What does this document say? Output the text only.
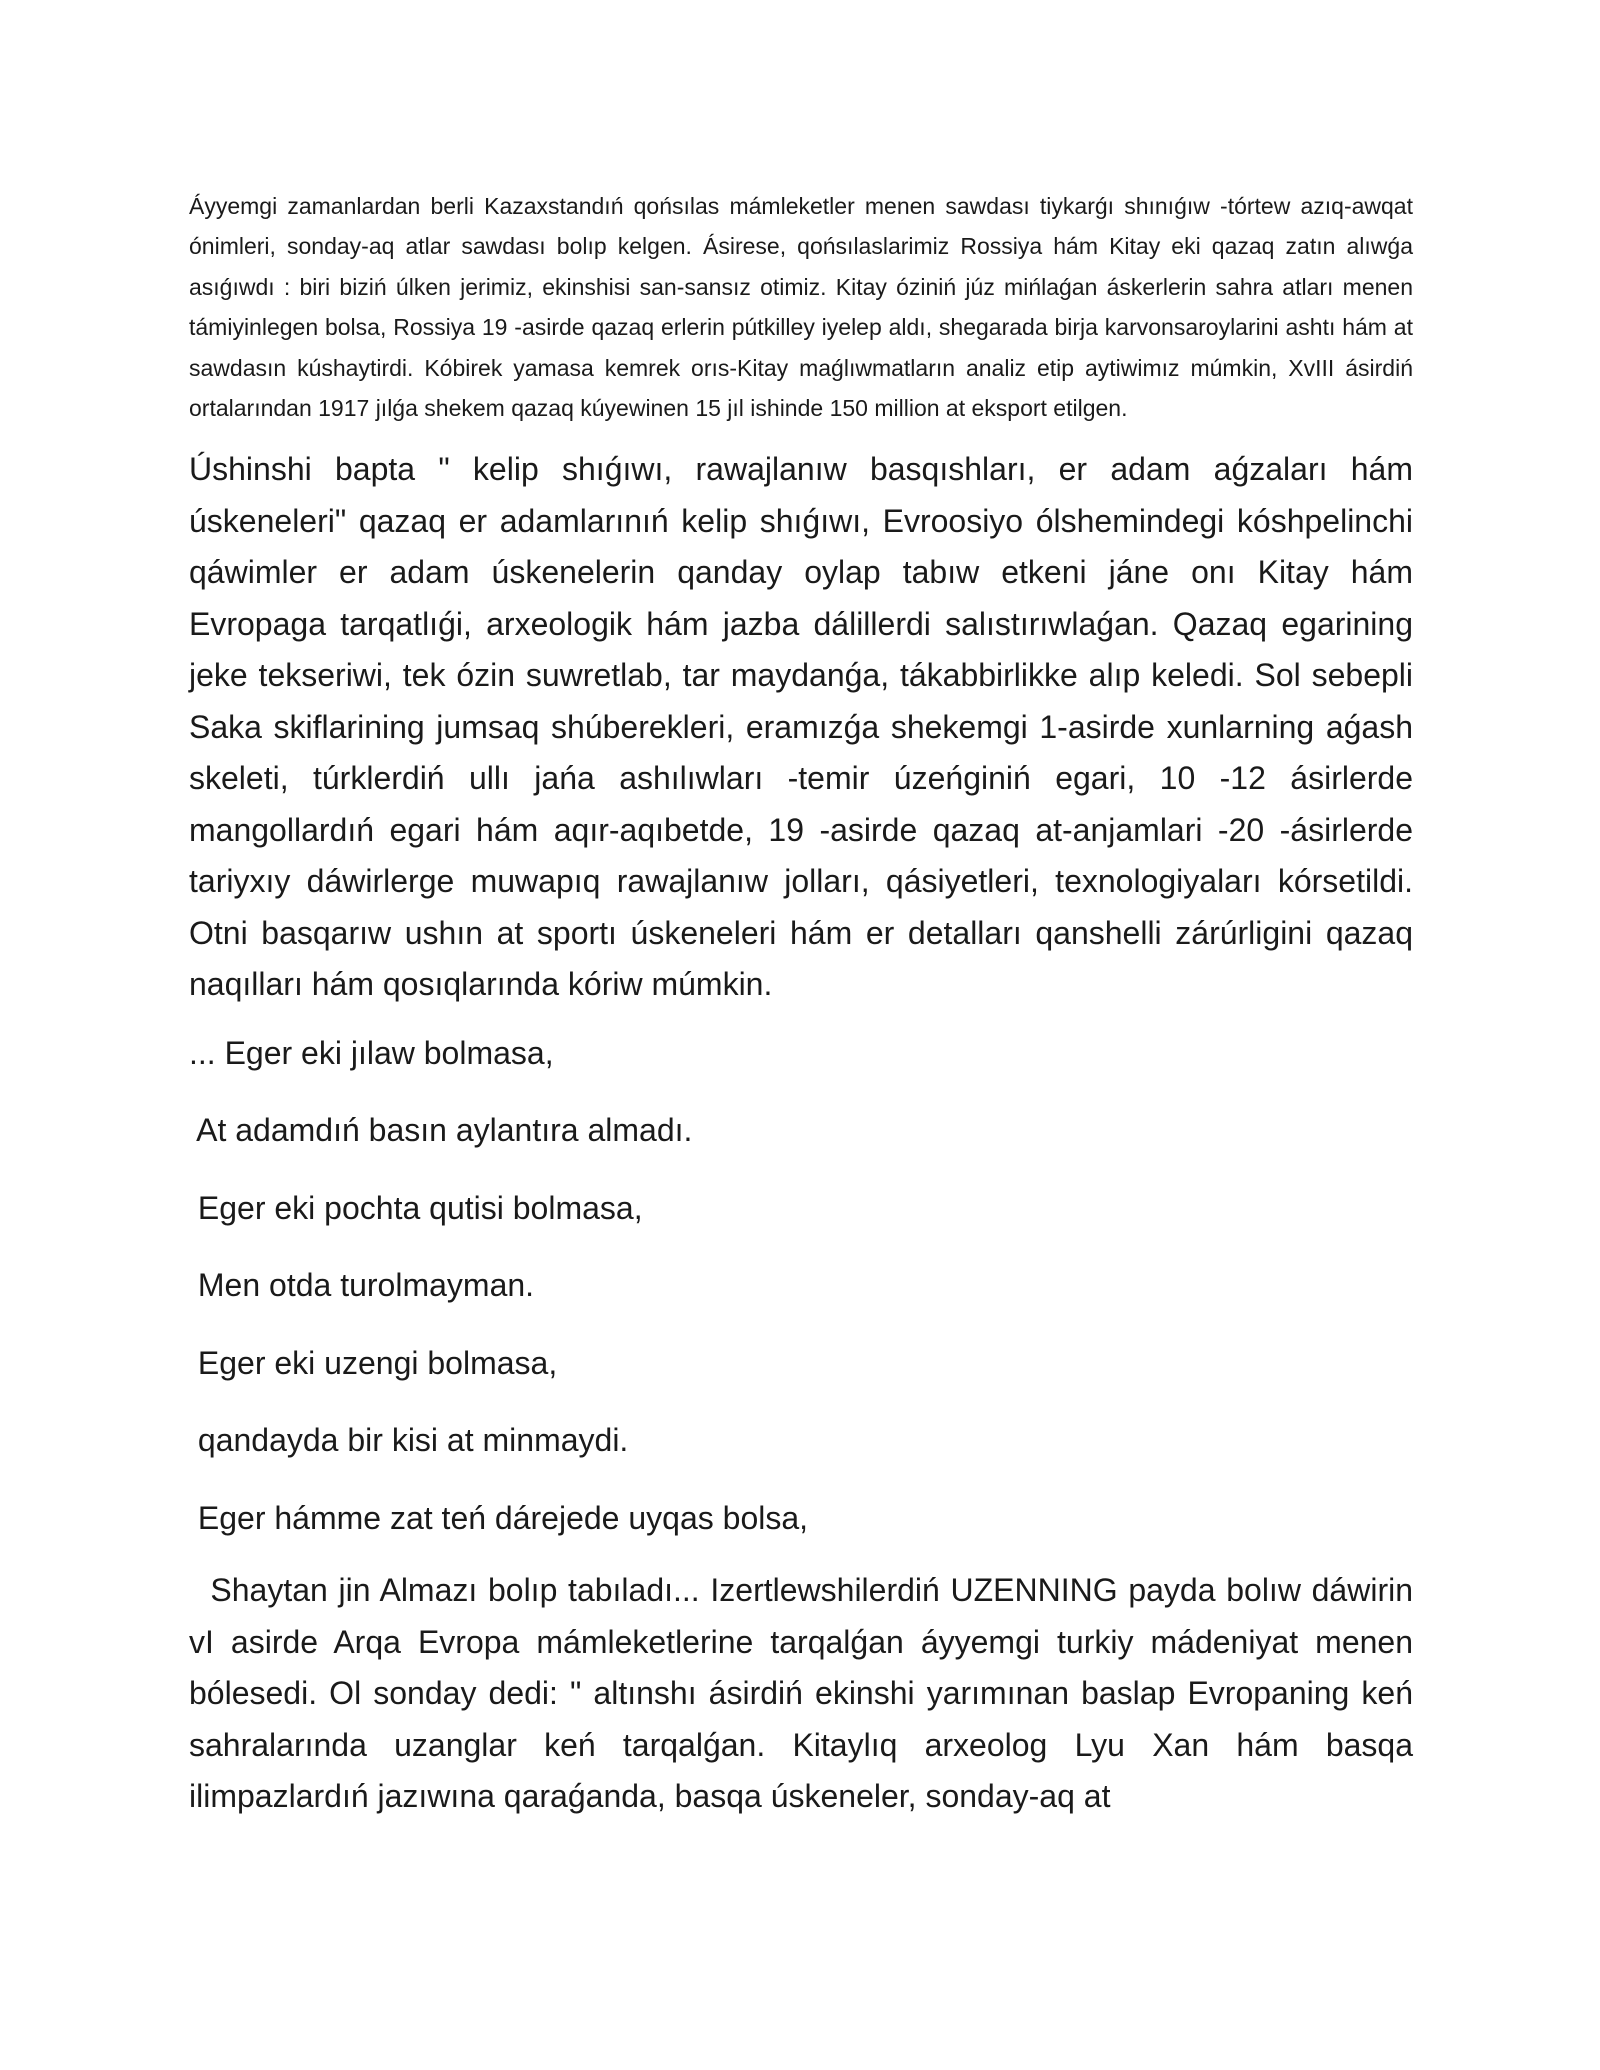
Áyyemgi zamanlardan berli Kazaxstandıń qońsılas mámleketler menen sawdası tiykarǵı shınıǵıw -tórtew azıq-awqat ónimleri, sonday-aq atlar sawdası bolıp kelgen. Ásirese, qońsılaslarimiz Rossiya hám Kitay eki qazaq zatın alıwǵa asıǵıwdı : biri biziń úlken jerimiz, ekinshisi san-sansız otimiz. Kitay óziniń júz mińlaǵan áskerlerin sahra atları menen támiyinlegen bolsa, Rossiya 19 -asirde qazaq erlerin pútkilley iyelep aldı, shegarada birja karvonsaroylarini ashtı hám at sawdasın kúshaytirdi. Kóbirek yamasa kemrek orıs-Kitay maǵlıwmatların analiz etip aytiwimız múmkin, XvIII ásirdiń ortalarından 1917 jılǵa shekem qazaq kúyewinen 15 jıl ishinde 150 million at eksport etilgen.

Úshinshi bapta " kelip shıǵıwı, rawajlanıw basqıshları, er adam aǵzaları hám úskeneleri" qazaq er adamlarınıń kelip shıǵıwı, Evroosiyo ólshemindegi kóshpelinchi qáwimler er adam úskenelerin qanday oylap tabıw etkeni jáne onı Kitay hám Evropaga tarqatlıǵi, arxeologik hám jazba dálillerdi salıstırıwlaǵan. Qazaq egarining jeke tekseriwi, tek ózin suwretlab, tar maydanǵa, tákabbirlikke alıp keledi. Sol sebepli Saka skiflarining jumsaq shúberekleri, eramızǵa shekemgi 1-asirde xunlarning aǵash skeleti, túrklerdiń ullı jańa ashılıwları -temir úzeńginiń egari, 10 -12 ásirlerde mangollardıń egari hám aqır-aqıbetde, 19 -asirde qazaq at-anjamlari -20 -ásirlerde tariyxıy dáwirlerge muwapıq rawajlanıw jolları, qásiyetleri, texnologiyaları kórsetildi. Otni basqarıw ushın at sportı úskeneleri hám er detalları qanshelli zárúrligini qazaq naqılları hám qosıqlarında kóriw múmkin.

... Eger eki jılaw bolmasa,

At adamdıń basın aylantıra almadı.

Eger eki pochta qutisi bolmasa,

Men otda turolmayman.

Eger eki uzengi bolmasa,

qandayda bir kisi at minmaydi.

Eger hámme zat teń dárejede uyqas bolsa,

Shaytan jin Almazı bolıp tabıladı... Izertlewshilerdiń UZENNING payda bolıw dáwirin vI asirde Arqa Evropa mámleketlerine tarqalǵan áyyemgi turkiy mádeniyat menen bólesedi. Ol sonday dedi: " altınshı ásirdiń ekinshi yarımınan baslap Evropaning keń sahralarında uzanglar keń tarqalǵan. Kitaylıq arxeolog Lyu Xan hám basqa ilimpazlardıń jazıwına qaraǵanda, basqa úskeneler, sonday-aq at
